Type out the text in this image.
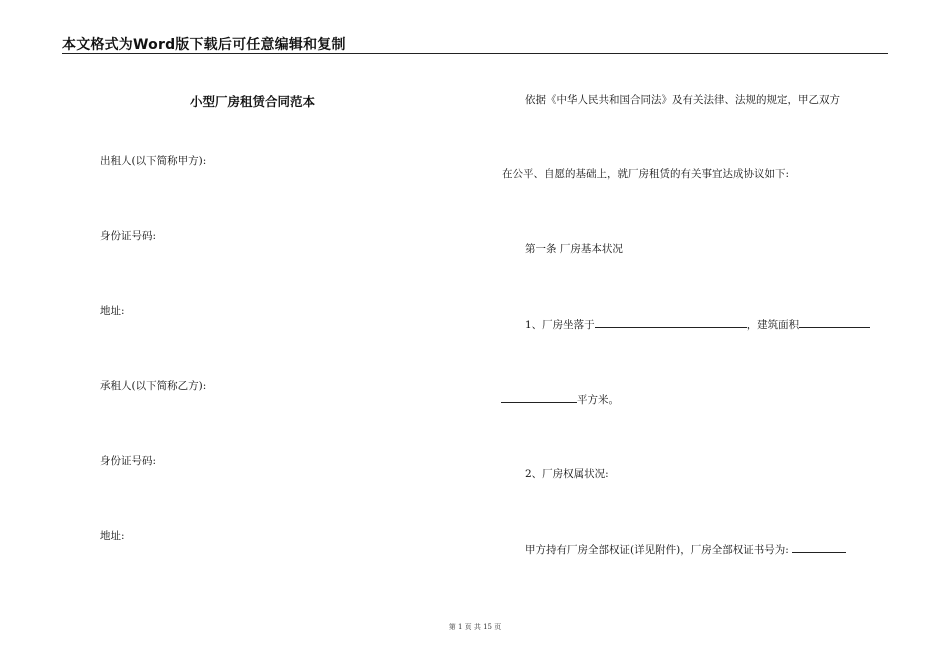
本文格式为Word版下载后可任意编辑和复制
小型厂房租赁合同范本
出租人(以下简称甲方):
身份证号码:
地址:
承租人(以下简称乙方):
身份证号码:
地址:
依据《中华人民共和国合同法》及有关法律、法规的规定，甲乙双方
在公平、自愿的基础上，就厂房租赁的有关事宜达成协议如下:
第一条 厂房基本状况
1、厂房坐落于	，建筑面积
平方米。
2、厂房权属状况:
甲方持有厂房全部权证(详见附件)，厂房全部权证书号为:
第 1 页 共 15 页
